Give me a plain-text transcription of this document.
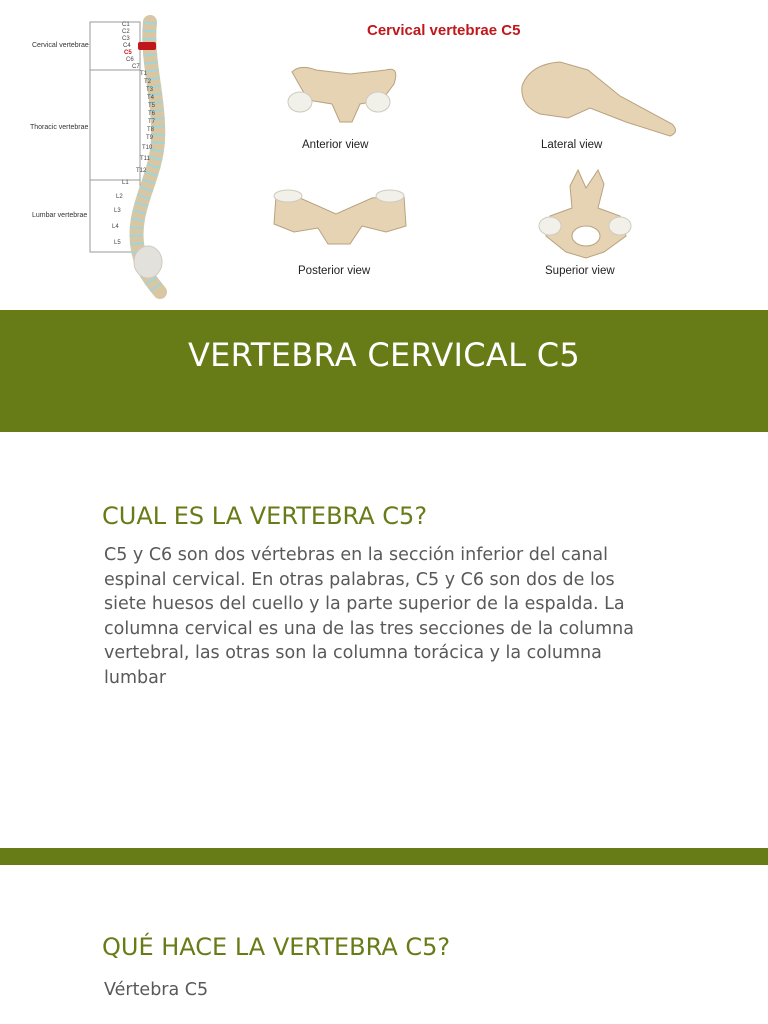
Cervical vertebrae
Thoracic vertebrae
Lumbar vertebrae
C1
C2
C3
C4
C5
C6
C7
T1
T2
T3
T4
T5
T6
T7
T8
T9
T10
T11
T12
L1
L2
L3
L4
L5
Cervical vertebrae C5
Anterior view	Lateral view
Posterior view	Superior view
VERTEBRA CERVICAL C5
CUAL ES LA VERTEBRA C5?
C5 y C6 son dos vértebras en la sección inferior del canal
espinal cervical. En otras palabras, C5 y C6 son dos de los
siete huesos del cuello y la parte superior de la espalda. La
columna cervical es una de las tres secciones de la columna
vertebral, las otras son la columna torácica y la columna
lumbar
QUÉ HACE LA VERTEBRA C5?
Vértebra C5
